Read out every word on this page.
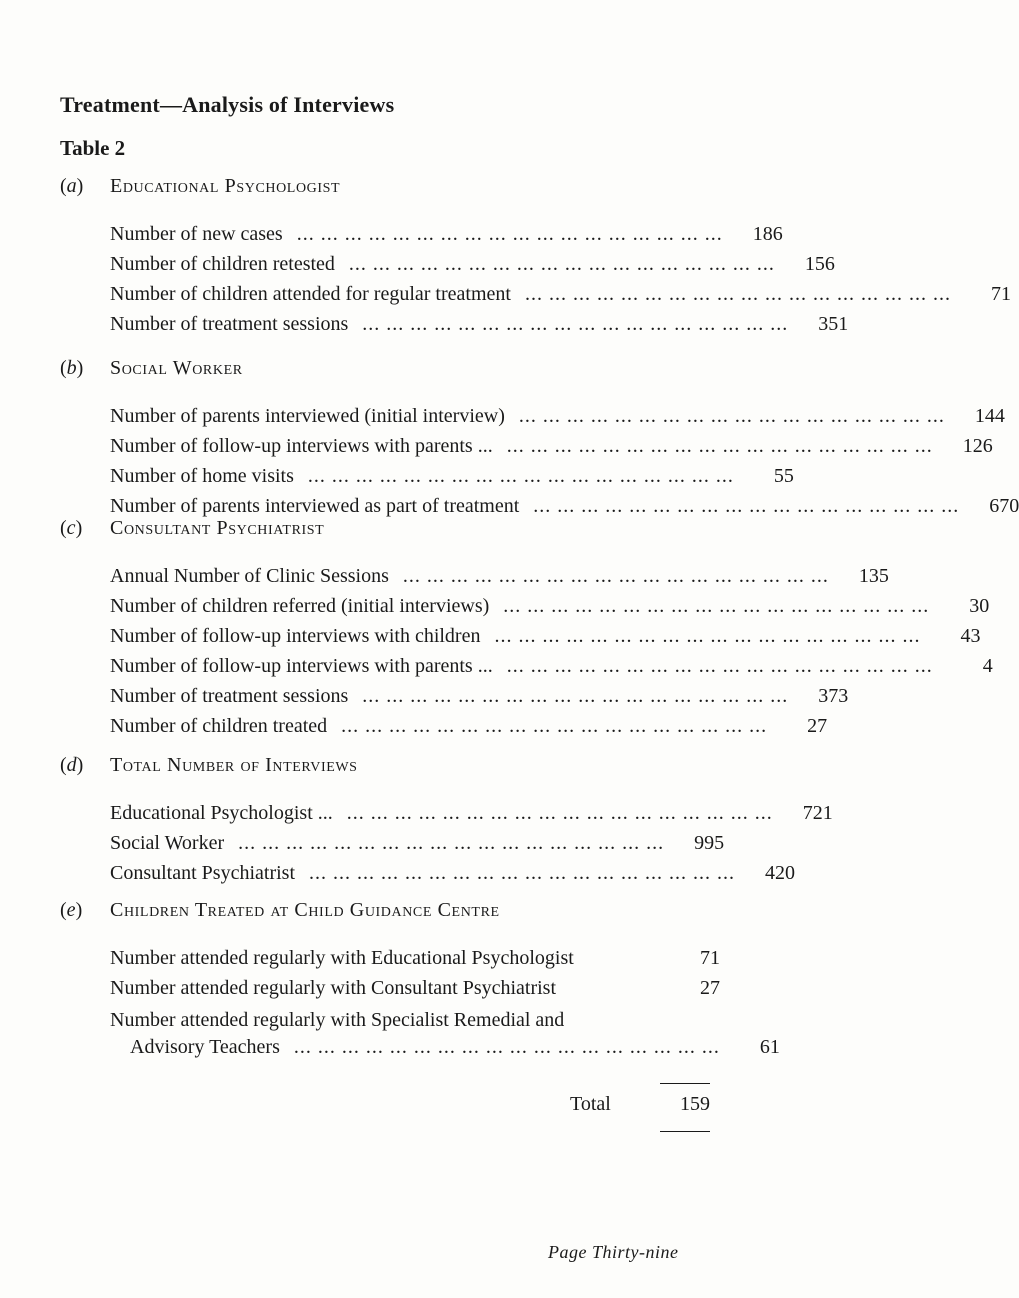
Treatment—Analysis of Interviews
Table 2
(a)	Educational Psychologist
Number of new cases ... ... ... ... ... ... ... ... ... ... ... ... ... ... ... ... ... ...	186
Number of children retested ... ... ... ... ... ... ... ... ... ... ... ... ... ... ... ... ... ...	156
Number of children attended for regular treatment ... ... ... ... ... ... ... ... ... ... ... ... ... ... ... ... ... ...	71
Number of treatment sessions ... ... ... ... ... ... ... ... ... ... ... ... ... ... ... ... ... ...	351
(b)	Social Worker
Number of parents interviewed (initial interview) ... ... ... ... ... ... ... ... ... ... ... ... ... ... ... ... ... ...	144
Number of follow-up interviews with parents ... ... ... ... ... ... ... ... ... ... ... ... ... ... ... ... ... ... ...	126
Number of home visits ... ... ... ... ... ... ... ... ... ... ... ... ... ... ... ... ... ...	55
Number of parents interviewed as part of treatment ... ... ... ... ... ... ... ... ... ... ... ... ... ... ... ... ... ...	670
(c)	Consultant Psychiatrist
Annual Number of Clinic Sessions ... ... ... ... ... ... ... ... ... ... ... ... ... ... ... ... ... ...	135
Number of children referred (initial interviews) ... ... ... ... ... ... ... ... ... ... ... ... ... ... ... ... ... ...	30
Number of follow-up interviews with children ... ... ... ... ... ... ... ... ... ... ... ... ... ... ... ... ... ...	43
Number of follow-up interviews with parents ... ... ... ... ... ... ... ... ... ... ... ... ... ... ... ... ... ... ...	4
Number of treatment sessions ... ... ... ... ... ... ... ... ... ... ... ... ... ... ... ... ... ...	373
Number of children treated ... ... ... ... ... ... ... ... ... ... ... ... ... ... ... ... ... ...	27
(d)	Total Number of Interviews
Educational Psychologist ... ... ... ... ... ... ... ... ... ... ... ... ... ... ... ... ... ... ...	721
Social Worker ... ... ... ... ... ... ... ... ... ... ... ... ... ... ... ... ... ...	995
Consultant Psychiatrist ... ... ... ... ... ... ... ... ... ... ... ... ... ... ... ... ... ...	420
(e)	Children Treated at Child Guidance Centre
Number attended regularly with Educational Psychologist	71
Number attended regularly with Consultant Psychiatrist	27
Number attended regularly with Specialist Remedial and
Advisory Teachers ... ... ... ... ... ... ... ... ... ... ... ... ... ... ... ... ... ...	61
Total	159
Page Thirty-nine
